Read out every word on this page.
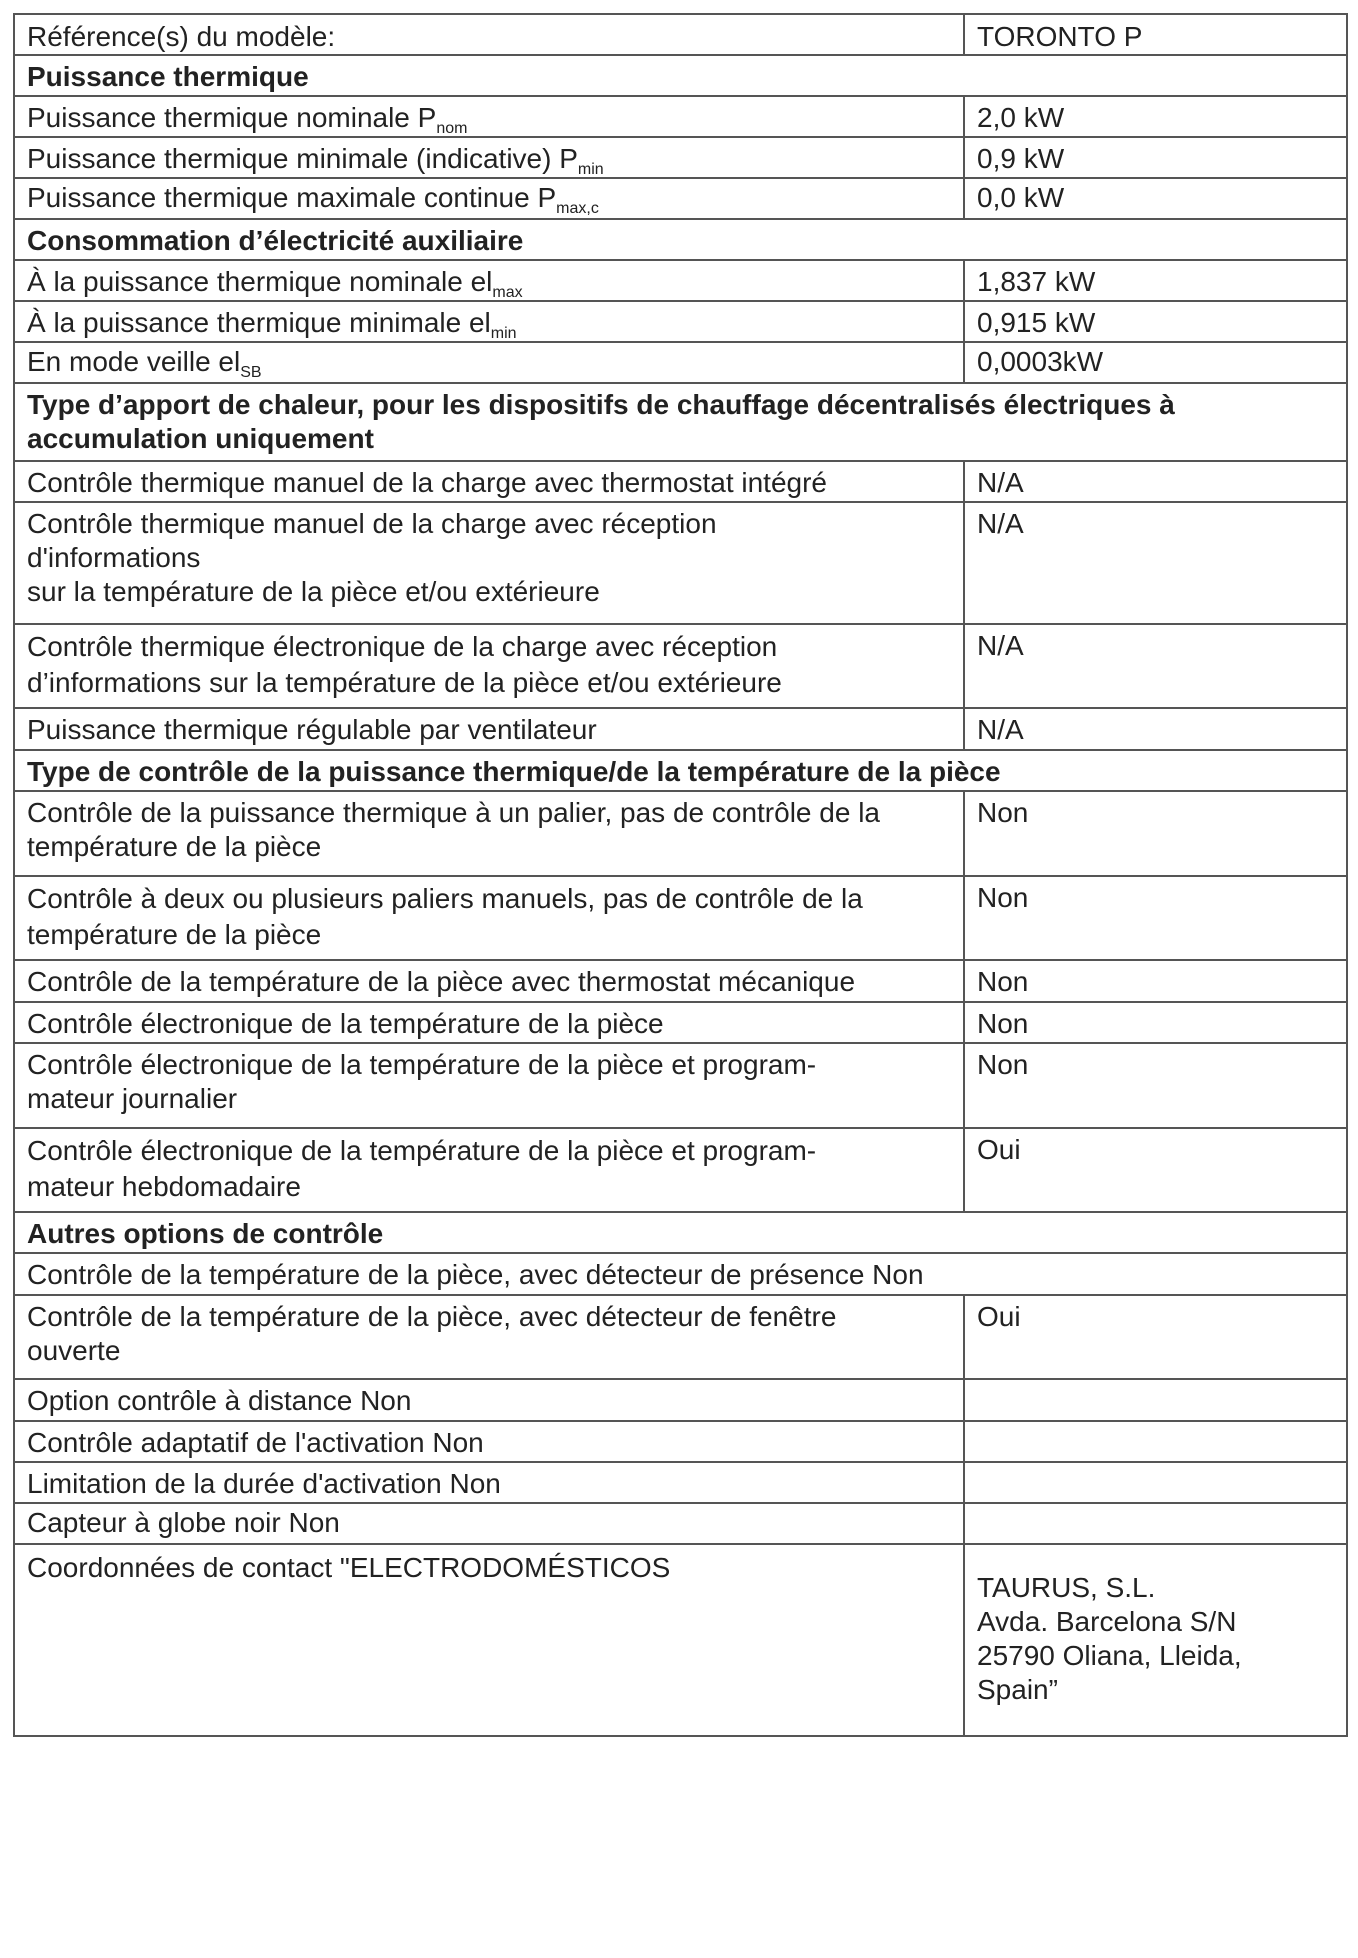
Référence(s) du modèle:	TORONTO P
Puissance thermique	
Puissance thermique nominale $P_{nom}$	2,0 kW
Puissance thermique minimale (indicative) $P_{min}$	0,9 kW
Puissance thermique maximale continue $P_{max,c}$	0,0 kW
Consommation d’électricité auxiliaire	
À la puissance thermique nominale $el_{max}$	1,837 kW
À la puissance thermique minimale $el_{min}$	0,915 kW
En mode veille $el_{SB}$	0,0003kW
Type d’apport de chaleur, pour les dispositifs de chauffage décentralisés électriques à accumulation uniquement	
Contrôle thermique manuel de la charge avec thermostat intégré	N/A
Contrôle thermique manuel de la charge avec réception
d'informations
sur la température de la pièce et/ou extérieure	N/A
Contrôle thermique électronique de la charge avec réception
d’informations sur la température de la pièce et/ou extérieure	N/A
Puissance thermique régulable par ventilateur	N/A
Type de contrôle de la puissance thermique/de la température de la pièce	
Contrôle de la puissance thermique à un palier, pas de contrôle de la
température de la pièce	Non
Contrôle à deux ou plusieurs paliers manuels, pas de contrôle de la
température de la pièce	Non
Contrôle de la température de la pièce avec thermostat mécanique	Non
Contrôle électronique de la température de la pièce	Non
Contrôle électronique de la température de la pièce et program-
mateur journalier	Non
Contrôle électronique de la température de la pièce et program-
mateur hebdomadaire	Oui
Autres options de contrôle	
Contrôle de la température de la pièce, avec détecteur de présence Non	
Contrôle de la température de la pièce, avec détecteur de fenêtre
ouverte	Oui
Option contrôle à distance Non	
Contrôle adaptatif de l'activation Non	
Limitation de la durée d'activation Non	
Capteur à globe noir Non	
Coordonnées de contact "ELECTRODOMÉSTICOS	TAURUS, S.L.
Avda. Barcelona S/N
25790 Oliana, Lleida,
Spain”
